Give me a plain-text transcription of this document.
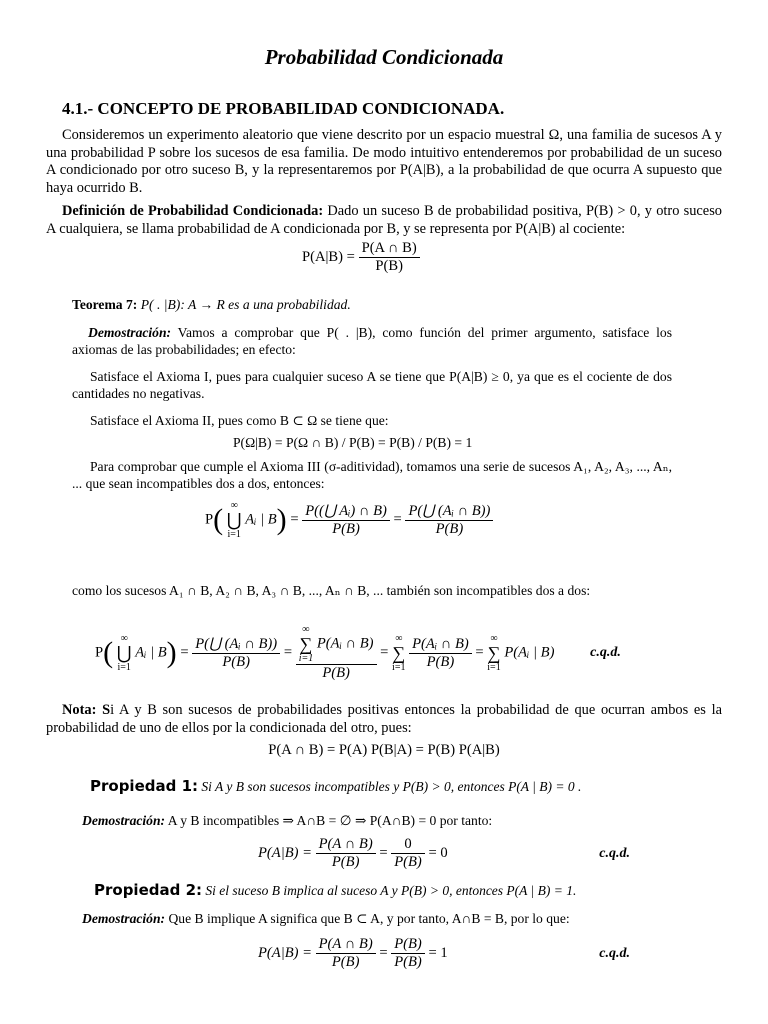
Probabilidad Condicionada
4.1.- CONCEPTO DE PROBABILIDAD CONDICIONADA.
Consideremos un experimento aleatorio que viene descrito por un espacio muestral Ω, una familia de sucesos A y una probabilidad P sobre los sucesos de esa familia. De modo intuitivo entenderemos por probabilidad de un suceso A condicionado por otro suceso B, y la representaremos por P(A|B), a la probabilidad de que ocurra A supuesto que haya ocurrido B.
Definición de Probabilidad Condicionada: Dado un suceso B de probabilidad positiva, P(B) > 0, y otro suceso A cualquiera, se llama probabilidad de A condicionada por B, y se representa por P(A|B) al cociente:
$P(A|B) = \frac{P(A \cap B)}{P(B)}$
Teorema 7: P( . |B): A → R es a una probabilidad.
Demostración: Vamos a comprobar que P( . |B), como función del primer argumento, satisface los axiomas de las probabilidades; en efecto:
Satisface el Axioma I, pues para cualquier suceso A se tiene que P(A|B) ≥ 0, ya que es el cociente de dos cantidades no negativas.
Satisface el Axioma II, pues como B ⊂ Ω se tiene que:
P(Ω|B) = P(Ω ∩ B) / P(B) = P(B) / P(B) = 1
Para comprobar que cumple el Axioma III (σ-aditividad), tomamos una serie de sucesos A₁, A₂, A₃, ..., Aₙ, ... que sean incompatibles dos a dos, entonces:
P( ∞
⋃
i=1 Aᵢ | $B) = \frac{\text{P((⋃ Aᵢ) ∩ B)}}{P(B)} = \frac{\text{P(⋃ (Aᵢ ∩ B))}}{P(B)}$
como los sucesos A₁ ∩ B, A₂ ∩ B, A₃ ∩ B, ..., Aₙ ∩ B, ... también son incompatibles dos a dos:
P( ∞
⋃
i=1 Aᵢ | $B) = \frac{\text{P(⋃ (Aᵢ ∩ B))}}{P(B)}$ = ∞
∑
i=1 P(Aᵢ ∩ B)
P(B) = ∞
∑
$i=1 \frac{\text{P(Aᵢ ∩ B)}}{P(B)}$ = ∞
∑
i=1 P(Aᵢ | B)	c.q.d.
Nota: Si A y B son sucesos de probabilidades positivas entonces la probabilidad de que ocurran ambos es la probabilidad de uno de ellos por la condicionada del otro, pues:
P(A ∩ B) = P(A) P(B|A) = P(B) P(A|B)
Propiedad 1: Si A y B son sucesos incompatibles y P(B) > 0, entonces P(A | B) = 0 .
Demostración: A y B incompatibles ⇒ A∩B = ∅ ⇒ P(A∩B) = 0 por tanto:
$P(A|B) = \frac{P(A \cap B)}{P(B)} = \frac{0}{P(B)} = 0$	c.q.d.
Propiedad 2: Si el suceso B implica al suceso A y P(B) > 0, entonces P(A | B) = 1.
Demostración: Que B implique A significa que B ⊂ A, y por tanto, A∩B = B, por lo que:
$P(A|B) = \frac{P(A \cap B)}{P(B)} = \frac{P(B)}{P(B)} = 1$	c.q.d.
